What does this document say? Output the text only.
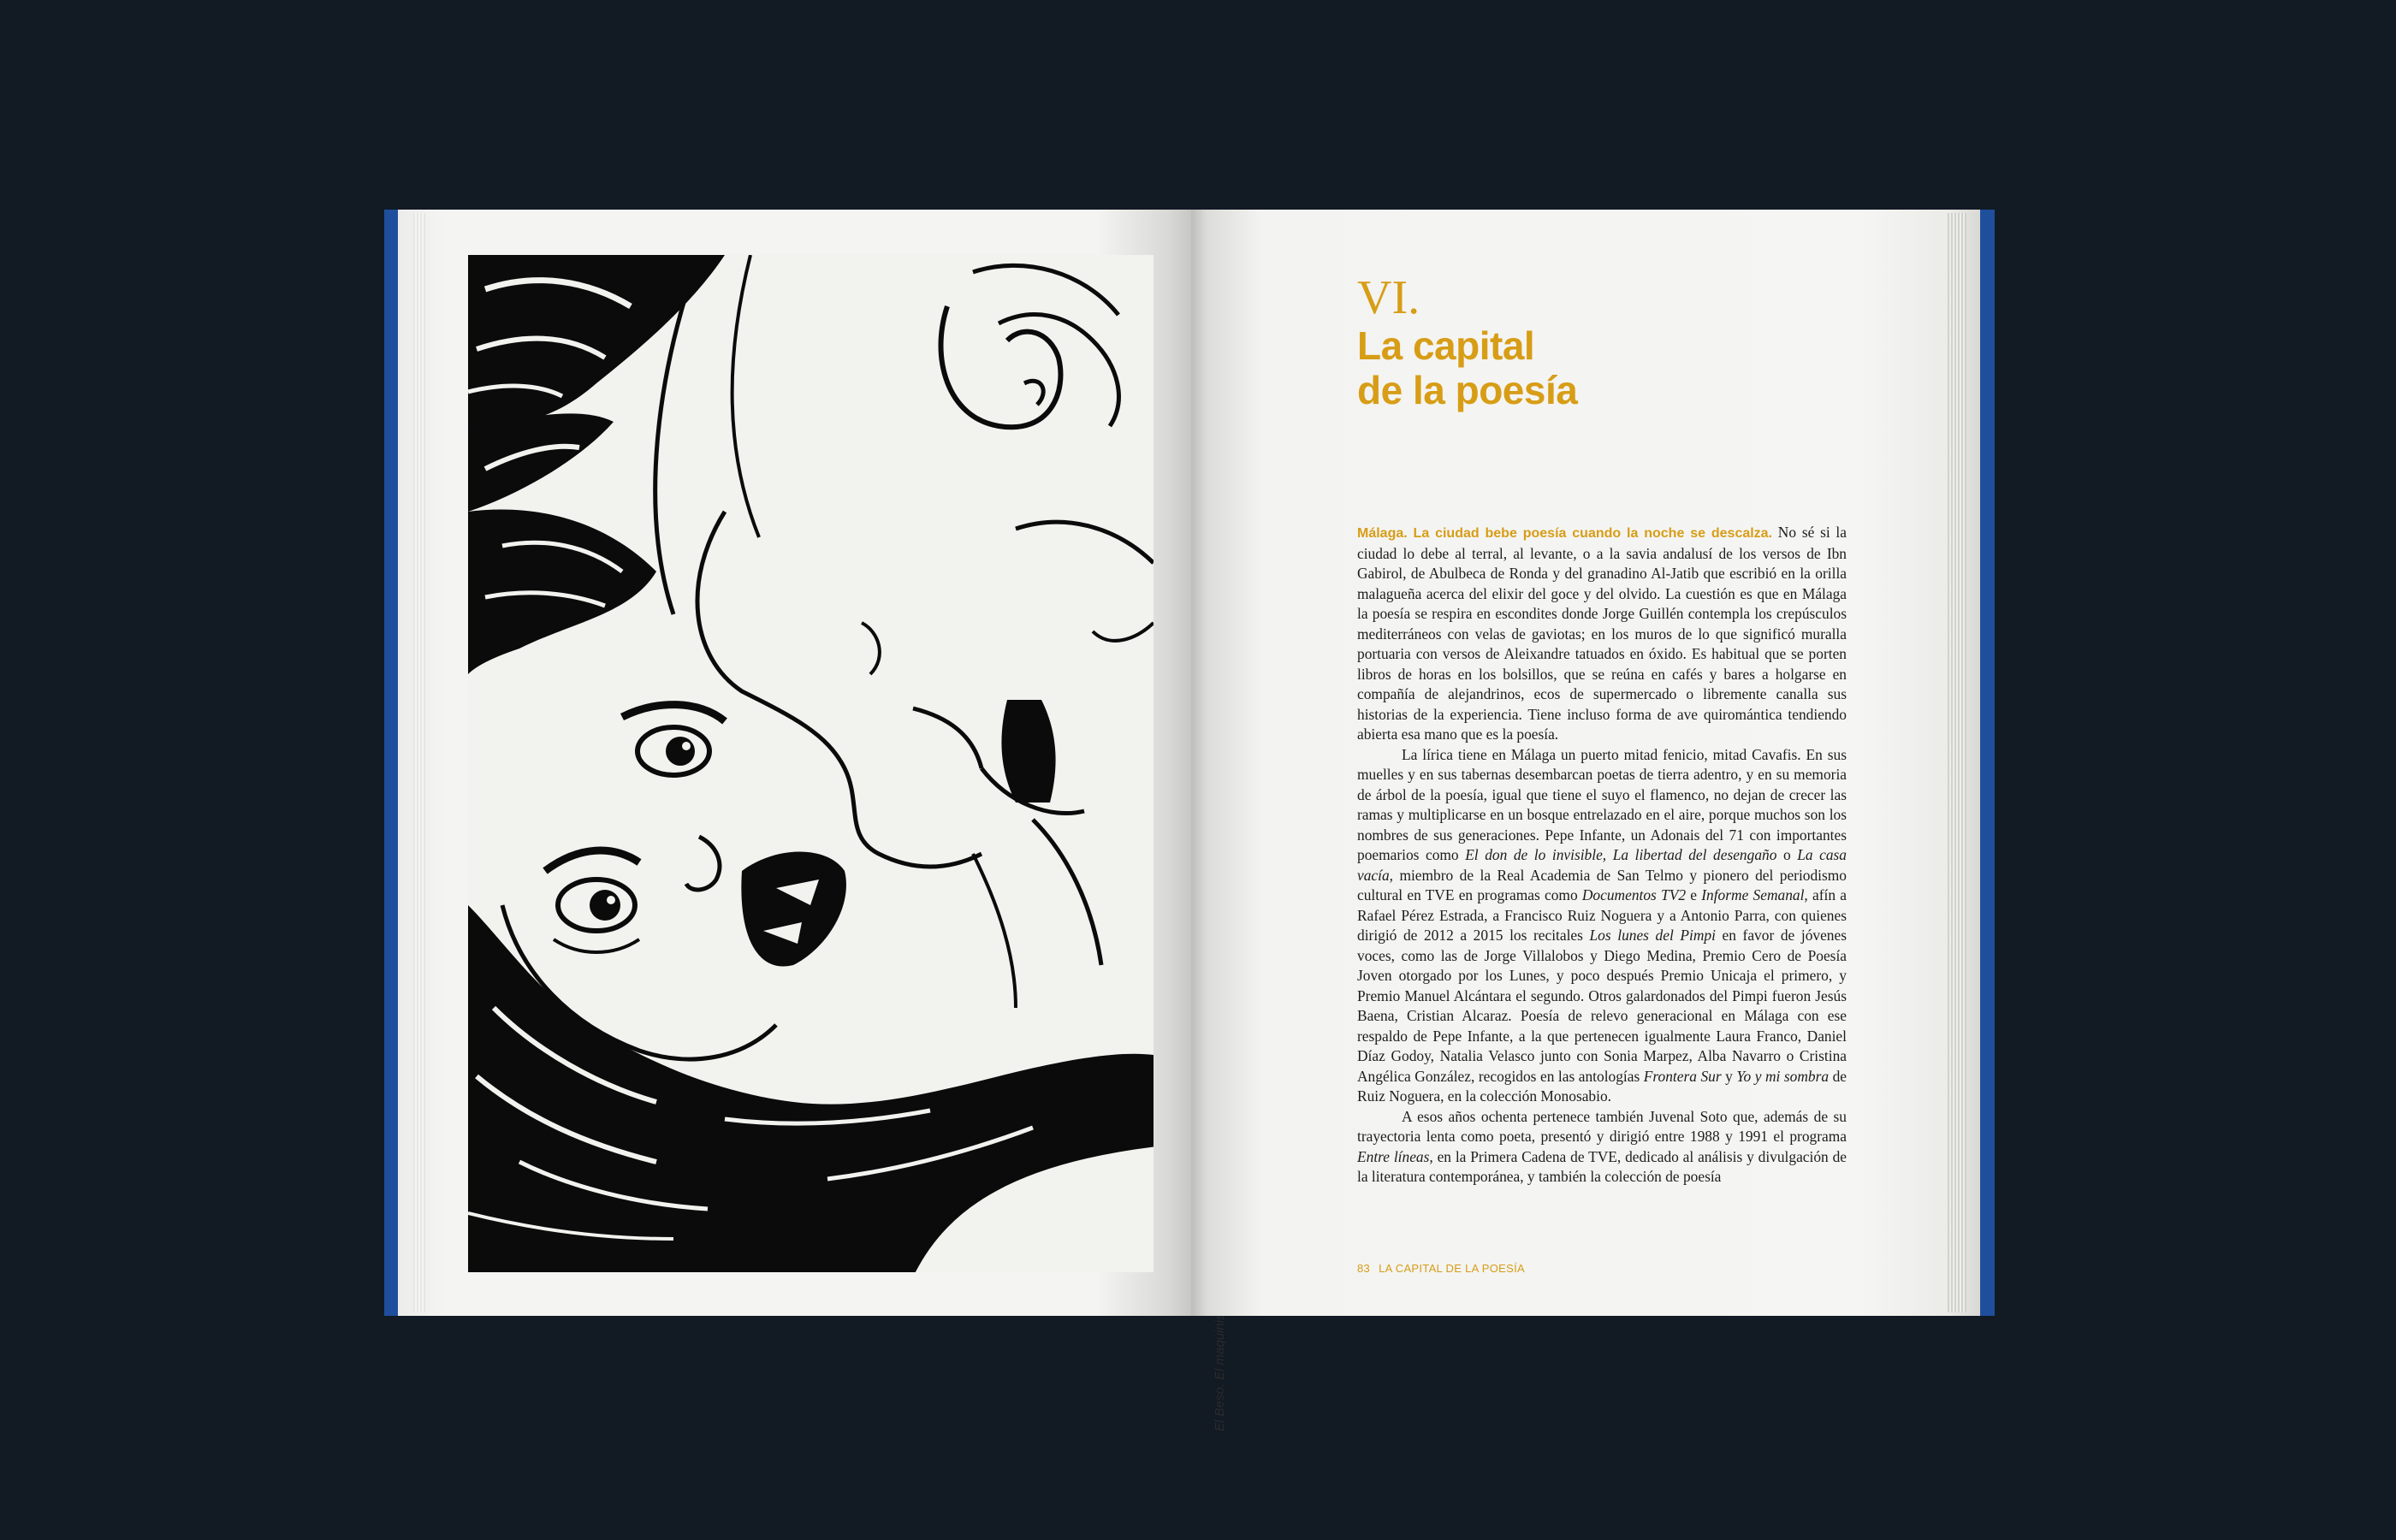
VI.
La capital
de la poesía

Málaga. La ciudad bebe poesía cuando la noche se descalza. No sé si la ciudad lo debe al terral, al levante, o a la savia andalusí de los versos de Ibn Gabirol, de Abulbeca de Ronda y del granadino Al-Jatib que escribió en la orilla malagueña acerca del elixir del goce y del olvido. La cuestión es que en Málaga la poesía se respira en escondites donde Jorge Guillén contempla los crepúsculos mediterráneos con velas de gaviotas; en los muros de lo que significó muralla portuaria con versos de Aleixandre tatuados en óxido. Es habitual que se porten libros de horas en los bolsillos, que se reúna en cafés y bares a holgarse en compañía de alejandrinos, ecos de supermercado o libremente canalla sus historias de la experiencia. Tiene incluso forma de ave quiromántica tendiendo abierta esa mano que es la poesía.

La lírica tiene en Málaga un puerto mitad fenicio, mitad Cavafis. En sus muelles y en sus tabernas desembarcan poetas de tierra adentro, y en su memoria de árbol de la poesía, igual que tiene el suyo el flamenco, no dejan de crecer las ramas y multiplicarse en un bosque entrelazado en el aire, porque muchos son los nombres de sus generaciones. Pepe Infante, un Adonais del 71 con importantes poemarios como El don de lo invisible, La libertad del desengaño o La casa vacía, miembro de la Real Academia de San Telmo y pionero del periodismo cultural en TVE en programas como Documentos TV2 e Informe Semanal, afín a Rafael Pérez Estrada, a Francisco Ruiz Noguera y a Antonio Parra, con quienes dirigió de 2012 a 2015 los recitales Los lunes del Pimpi en favor de jóvenes voces, como las de Jorge Villalobos y Diego Medina, Premio Cero de Poesía Joven otorgado por los Lunes, y poco después Premio Unicaja el primero, y Premio Manuel Alcántara el segundo. Otros galardonados del Pimpi fueron Jesús Baena, Cristian Alcaraz. Poesía de relevo generacional en Málaga con ese respaldo de Pepe Infante, a la que pertenecen igualmente Laura Franco, Daniel Díaz Godoy, Natalia Velasco junto con Sonia Marpez, Alba Navarro o Cristina Angélica González, recogidos en las antologías Frontera Sur y Yo y mi sombra de Ruiz Noguera, en la colección Monosabio.

A esos años ochenta pertenece también Juvenal Soto que, además de su trayectoria lenta como poeta, presentó y dirigió entre 1988 y 1991 el programa Entre líneas, en la Primera Cadena de TVE, dedicado al análisis y divulgación de la literatura contemporánea, y también la colección de poesía

83 LA CAPITAL DE LA POESÍA
